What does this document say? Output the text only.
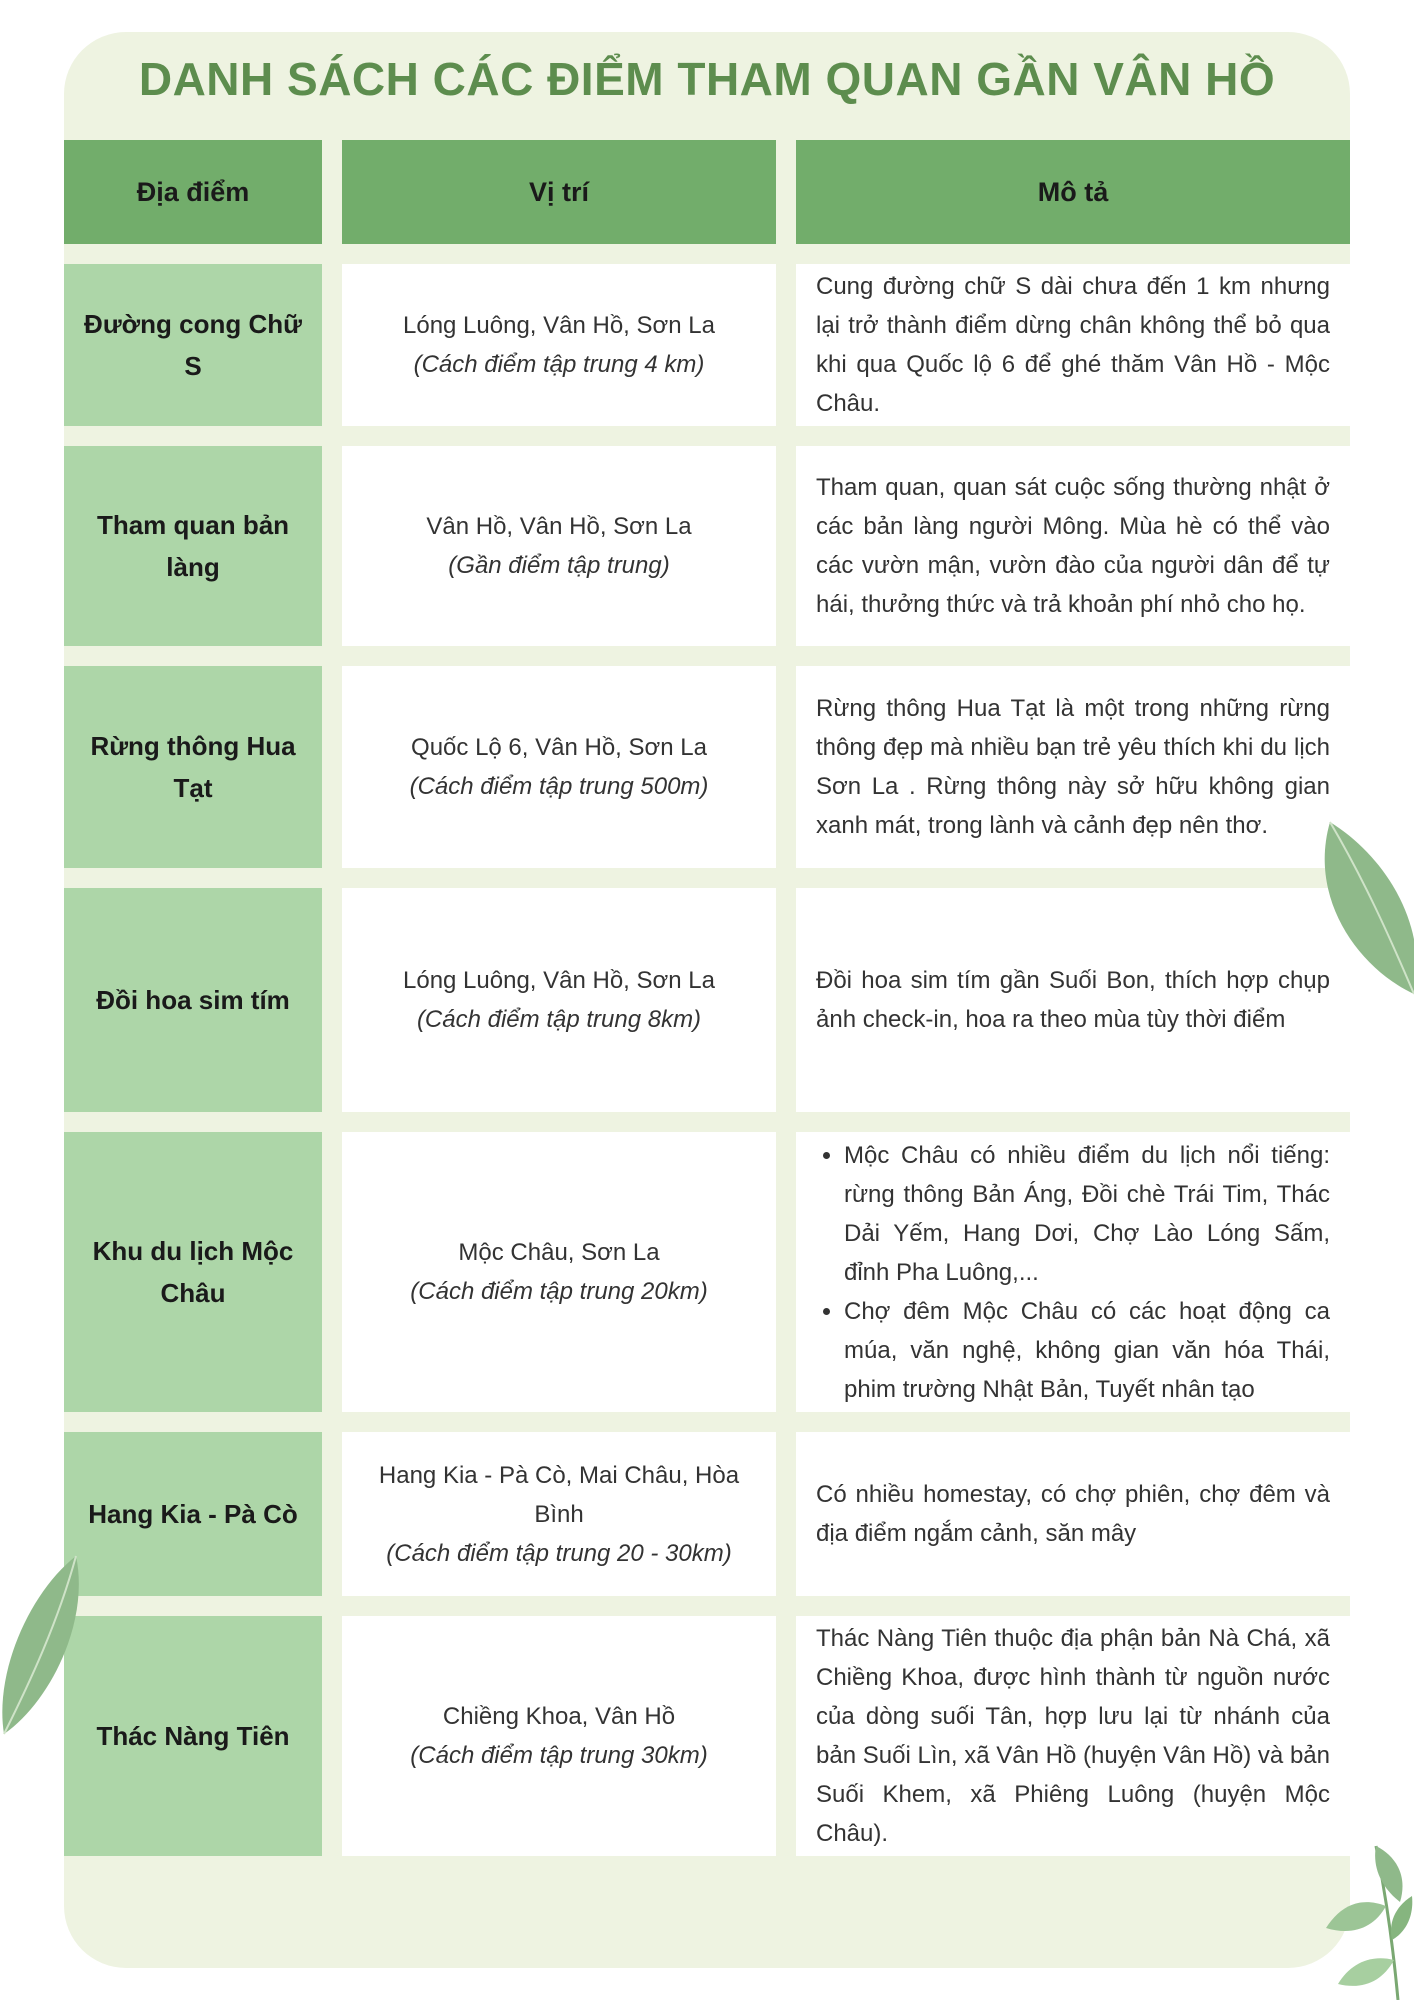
DANH SÁCH CÁC ĐIỂM THAM QUAN GẦN VÂN HỒ
Địa điểm	Vị trí	Mô tả
Đường cong Chữ S
Lóng Luông, Vân Hồ, Sơn La
(Cách điểm tập trung 4 km)
Cung đường chữ S dài chưa đến 1 km nhưng lại trở thành điểm dừng chân không thể bỏ qua khi qua Quốc lộ 6 để ghé thăm Vân Hồ - Mộc Châu.
Tham quan bản làng
Vân Hồ, Vân Hồ, Sơn La
(Gần điểm tập trung)
Tham quan, quan sát cuộc sống thường nhật ở các bản làng người Mông. Mùa hè có thể vào các vườn mận, vườn đào của người dân để tự hái, thưởng thức và trả khoản phí nhỏ cho họ.
Rừng thông Hua Tạt
Quốc Lộ 6, Vân Hồ, Sơn La
(Cách điểm tập trung 500m)
Rừng thông Hua Tạt là một trong những rừng thông đẹp mà nhiều bạn trẻ yêu thích khi du lịch Sơn La . Rừng thông này sở hữu không gian xanh mát, trong lành và cảnh đẹp nên thơ.
Đồi hoa sim tím
Lóng Luông, Vân Hồ, Sơn La
(Cách điểm tập trung 8km)
Đồi hoa sim tím gần Suối Bon, thích hợp chụp ảnh check-in, hoa ra theo mùa tùy thời điểm
Khu du lịch Mộc Châu
Mộc Châu, Sơn La
(Cách điểm tập trung 20km)
• Mộc Châu có nhiều điểm du lịch nổi tiếng: rừng thông Bản Áng, Đồi chè Trái Tim, Thác Dải Yếm, Hang Dơi, Chợ Lào Lóng Sấm, đỉnh Pha Luông,...
• Chợ đêm Mộc Châu có các hoạt động ca múa, văn nghệ, không gian văn hóa Thái, phim trường Nhật Bản, Tuyết nhân tạo
Hang Kia - Pà Cò
Hang Kia - Pà Cò, Mai Châu, Hòa Bình
(Cách điểm tập trung 20 - 30km)
Có nhiều homestay, có chợ phiên, chợ đêm và địa điểm ngắm cảnh, săn mây
Thác Nàng Tiên
Chiềng Khoa, Vân Hồ
(Cách điểm tập trung 30km)
Thác Nàng Tiên thuộc địa phận bản Nà Chá, xã Chiềng Khoa, được hình thành từ nguồn nước của dòng suối Tân, hợp lưu lại từ nhánh của bản Suối Lìn, xã Vân Hồ (huyện Vân Hồ) và bản Suối Khem, xã Phiêng Luông (huyện Mộc Châu).
